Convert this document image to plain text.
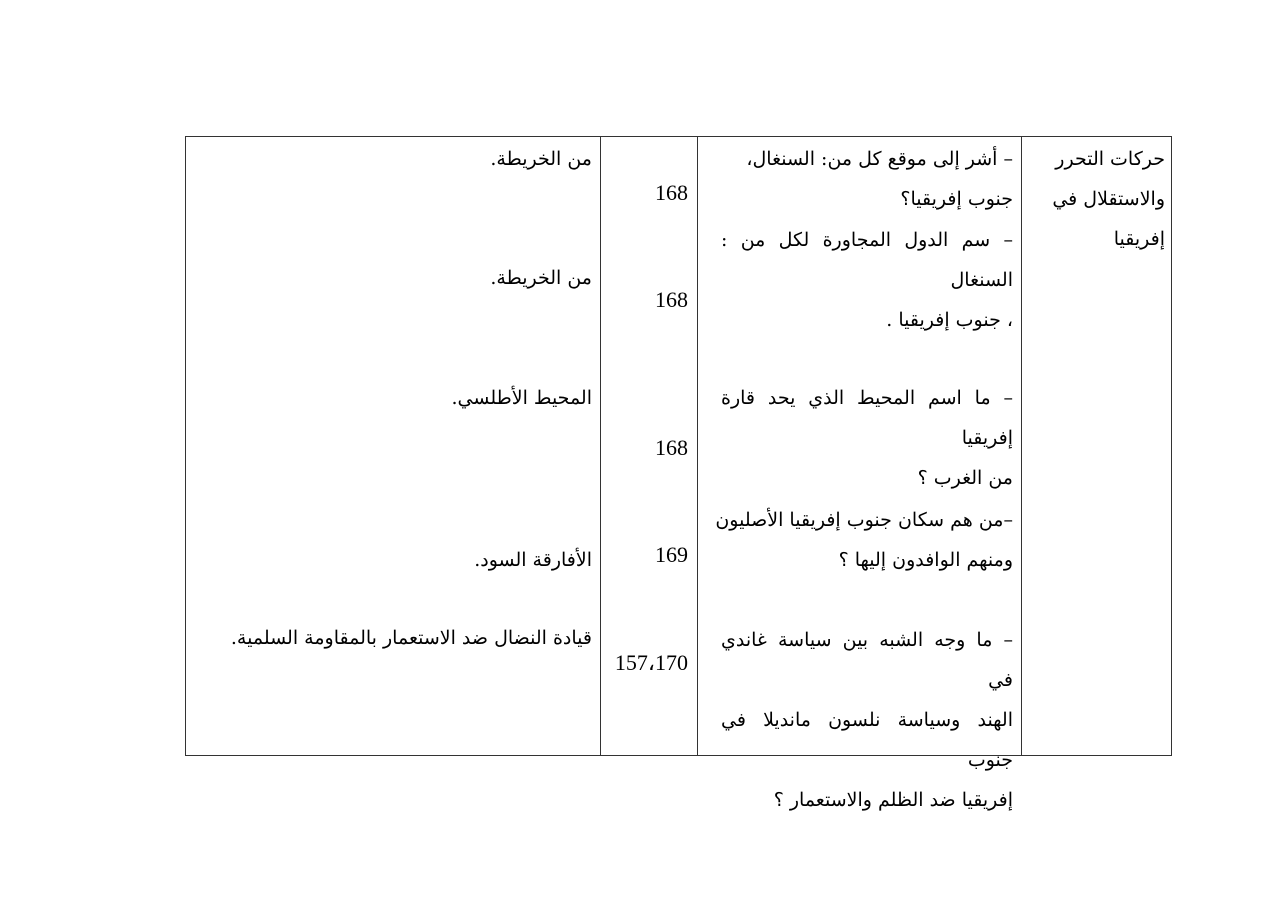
حركات التحرر
والاستقلال في
إفريقيا
– أشر إلى موقع كل من: السنغال،
جنوب إفريقيا؟
168
من الخريطة.
– سم الدول المجاورة لكل من : السنغال
، جنوب إفريقيا .
168
من الخريطة.
– ما اسم المحيط الذي يحد قارة إفريقيا
من الغرب ؟
168
المحيط الأطلسي.
–من هم سكان جنوب إفريقيا الأصليون
ومنهم الوافدون إليها ؟
169
الأفارقة السود.
– ما وجه الشبه بين سياسة غاندي في
الهند وسياسة نلسون مانديلا في جنوب
إفريقيا ضد الظلم والاستعمار ؟
157،170
قيادة النضال ضد الاستعمار بالمقاومة السلمية.
